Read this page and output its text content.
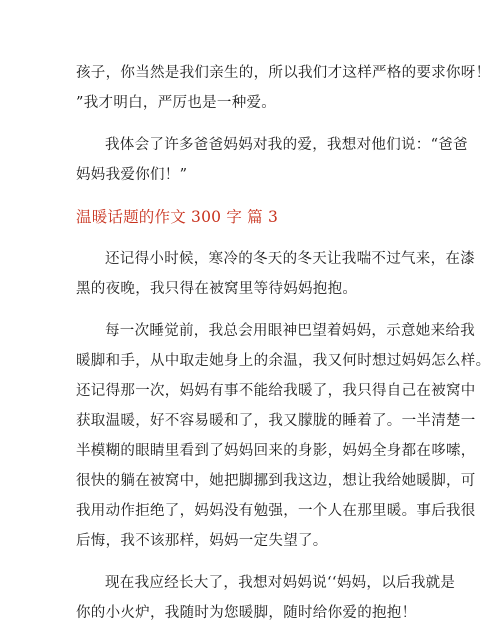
孩子，你当然是我们亲生的，所以我们才这样严格的要求你呀！
”我才明白，严厉也是一种爱。

我体会了许多爸爸妈妈对我的爱，我想对他们说：“爸爸
妈妈我爱你们！”

温暖话题的作文 300 字 篇 3

还记得小时候，寒冷的冬天的冬天让我喘不过气来，在漆
黑的夜晚，我只得在被窝里等待妈妈抱抱。

每一次睡觉前，我总会用眼神巴望着妈妈，示意她来给我
暖脚和手，从中取走她身上的余温，我又何时想过妈妈怎么样。
还记得那一次，妈妈有事不能给我暖了，我只得自己在被窝中
获取温暖，好不容易暖和了，我又朦胧的睡着了。一半清楚一
半模糊的眼睛里看到了妈妈回来的身影，妈妈全身都在哆嗦，
很快的躺在被窝中，她把脚挪到我这边，想让我给她暖脚，可
我用动作拒绝了，妈妈没有勉强，一个人在那里暖。事后我很
后悔，我不该那样，妈妈一定失望了。

现在我应经长大了，我想对妈妈说‘‘妈妈，以后我就是
你的小火炉，我随时为您暖脚，随时给你爱的抱抱！
